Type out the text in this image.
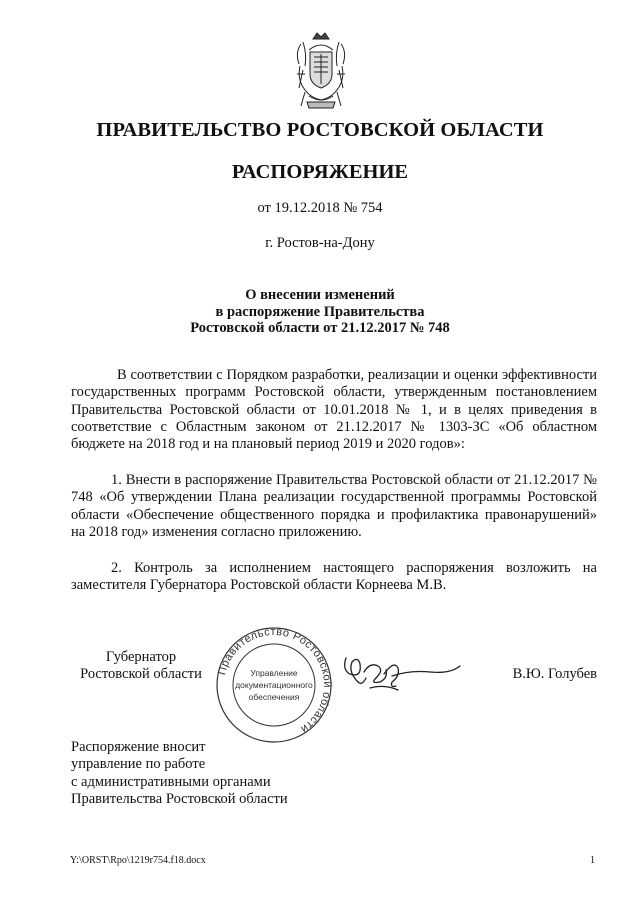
ПРАВИТЕЛЬСТВО РОСТОВСКОЙ ОБЛАСТИ
РАСПОРЯЖЕНИЕ
от 19.12.2018 № 754
г. Ростов-на-Дону
О внесении изменений
в распоряжение Правительства
Ростовской области от 21.12.2017 № 748

В соответствии с Порядком разработки, реализации и оценки эффективности государственных программ Ростовской области, утвержденным постановлением Правительства Ростовской области от 10.01.2018 № 1, и в целях приведения в соответствие с Областным законом от 21.12.2017 № 1303-ЗС «Об областном бюджете на 2018 год и на плановый период 2019 и 2020 годов»:

1. Внести в распоряжение Правительства Ростовской области от 21.12.2017 № 748 «Об утверждении Плана реализации государственной программы Ростовской области «Обеспечение общественного порядка и профилактика правонарушений» на 2018 год» изменения согласно приложению.

2. Контроль за исполнением настоящего распоряжения возложить на заместителя Губернатора Ростовской области Корнеева М.В.

Губернатор
Ростовской области	Правительство Ростовской области
Управление
документационного
обеспечения
В.Ю. Голубев
Распоряжение вносит
управление по работе
с административными органами
Правительства Ростовской области
Y:\ORST\Rpo\1219r754.f18.docx	1
